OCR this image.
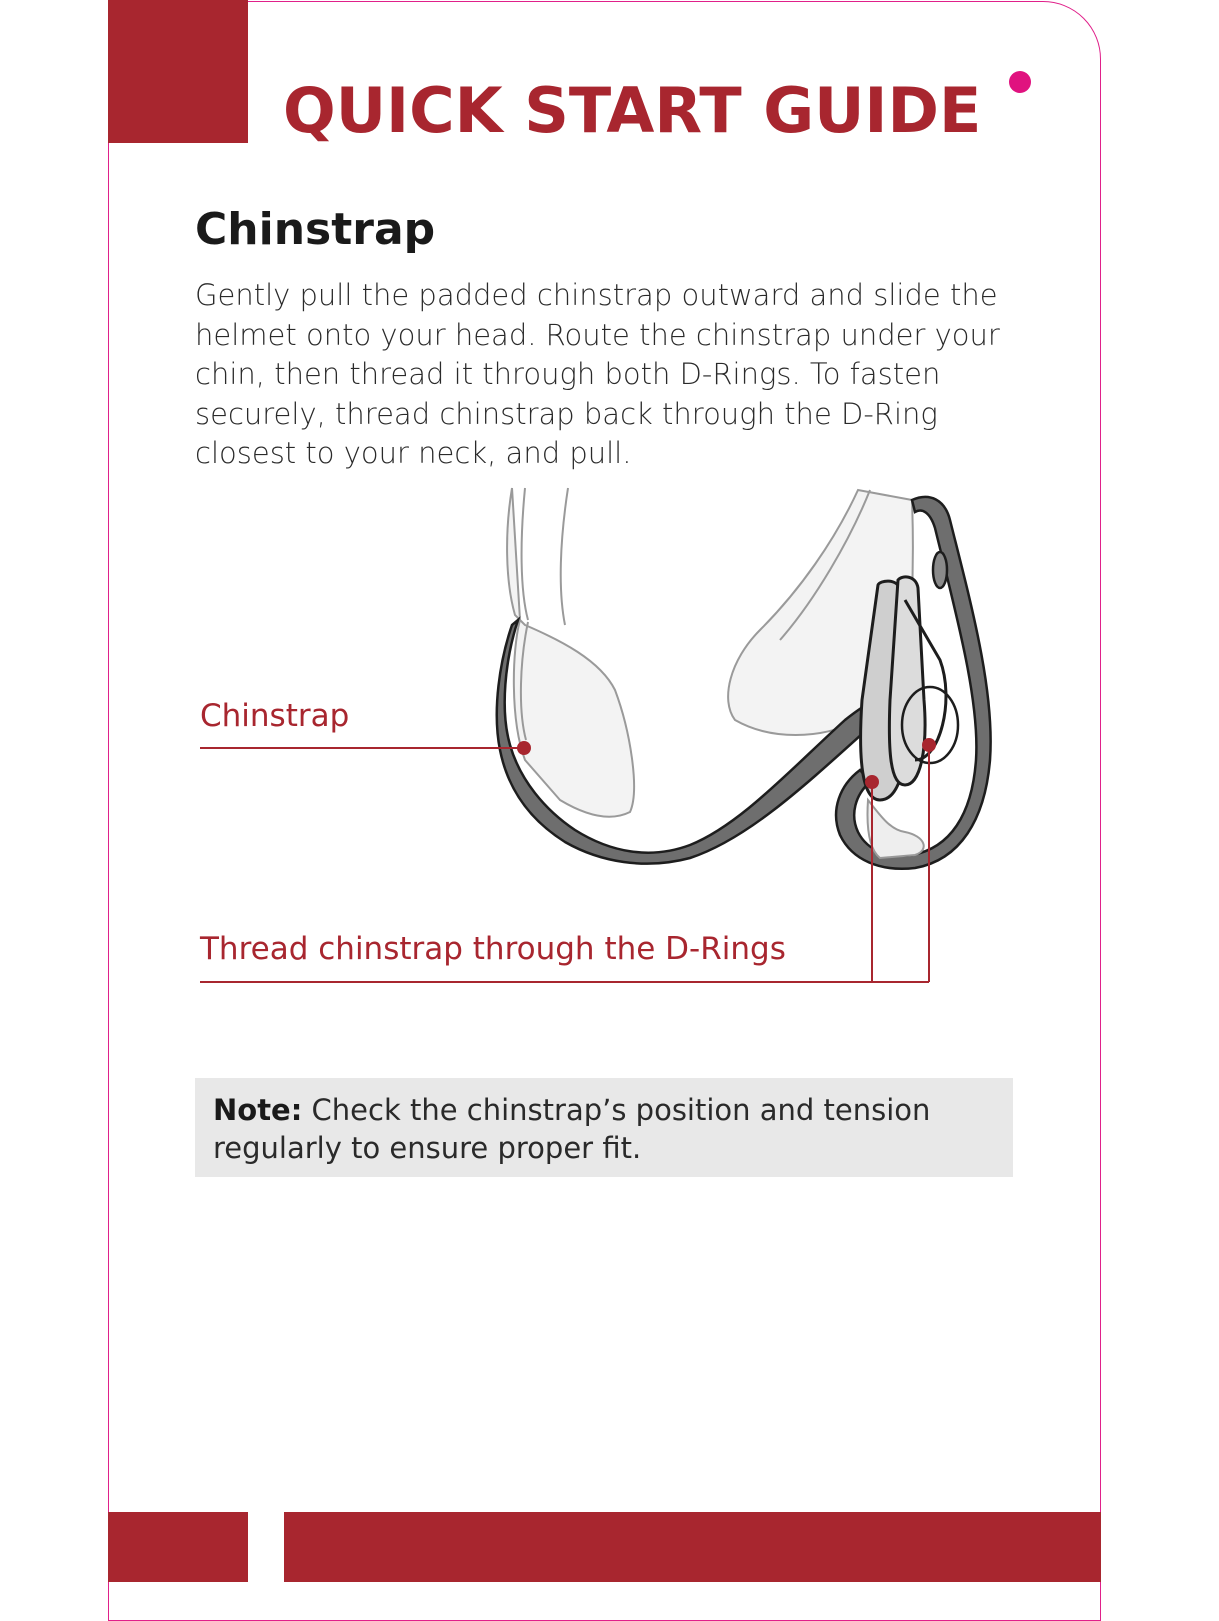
QUICK START GUIDE
Chinstrap

Gently pull the padded chinstrap outward and slide the helmet onto your head. Route the chinstrap under your chin, then thread it through both D-Rings. To fasten securely, thread chinstrap back through the D-Ring closest to your neck, and pull.

Chinstrap

Thread chinstrap through the D-Rings

Note: Check the chinstrap’s position and tension regularly to ensure proper fit.
